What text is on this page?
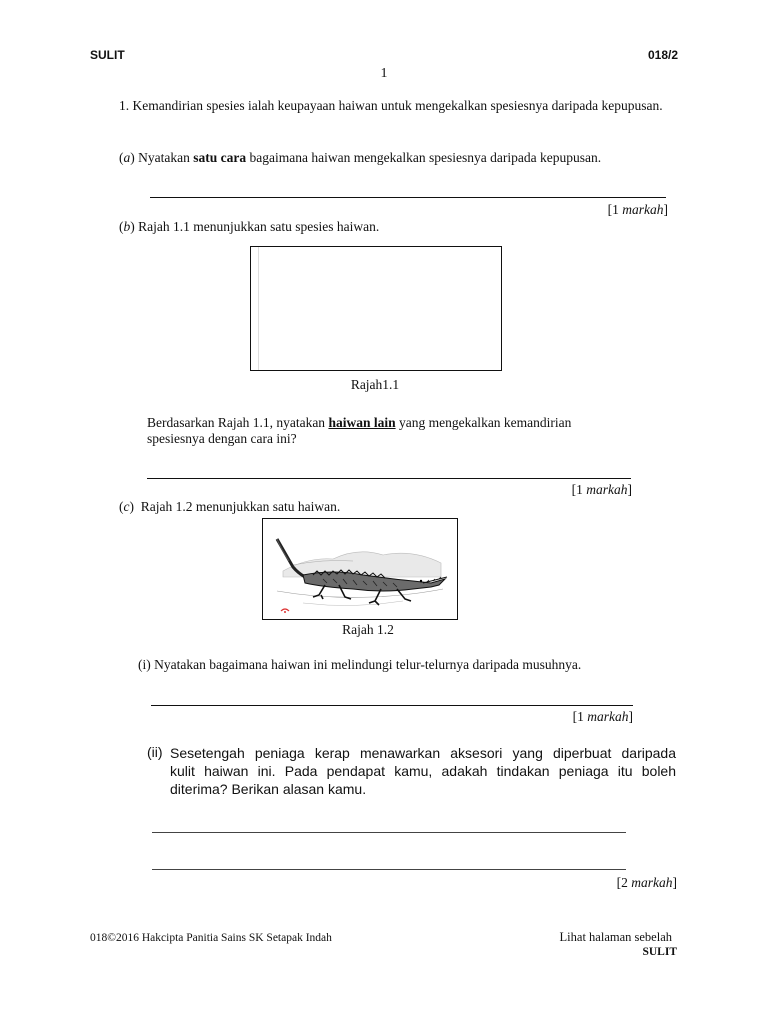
SULIT	018/2
1
1. Kemandirian spesies ialah keupayaan haiwan untuk mengekalkan spesiesnya daripada kepupusan.
(a) Nyatakan satu cara bagaimana haiwan mengekalkan spesiesnya daripada kepupusan.
[1 markah]
(b) Rajah 1.1 menunjukkan satu spesies haiwan.
Rajah1.1
Berdasarkan Rajah 1.1, nyatakan haiwan lain yang mengekalkan kemandirian spesiesnya dengan cara ini?
[1 markah]
(c)  Rajah 1.2 menunjukkan satu haiwan.
Rajah 1.2
(i) Nyatakan bagaimana haiwan ini melindungi telur-telurnya daripada musuhnya.
[1 markah]
(ii) Sesetengah peniaga kerap menawarkan aksesori yang diperbuat daripada
kulit haiwan ini. Pada pendapat kamu, adakah tindakan peniaga itu boleh
diterima? Berikan alasan kamu.
[2 markah]
018©2016 Hakcipta Panitia Sains SK Setapak Indah	Lihat halaman sebelah
SULIT
